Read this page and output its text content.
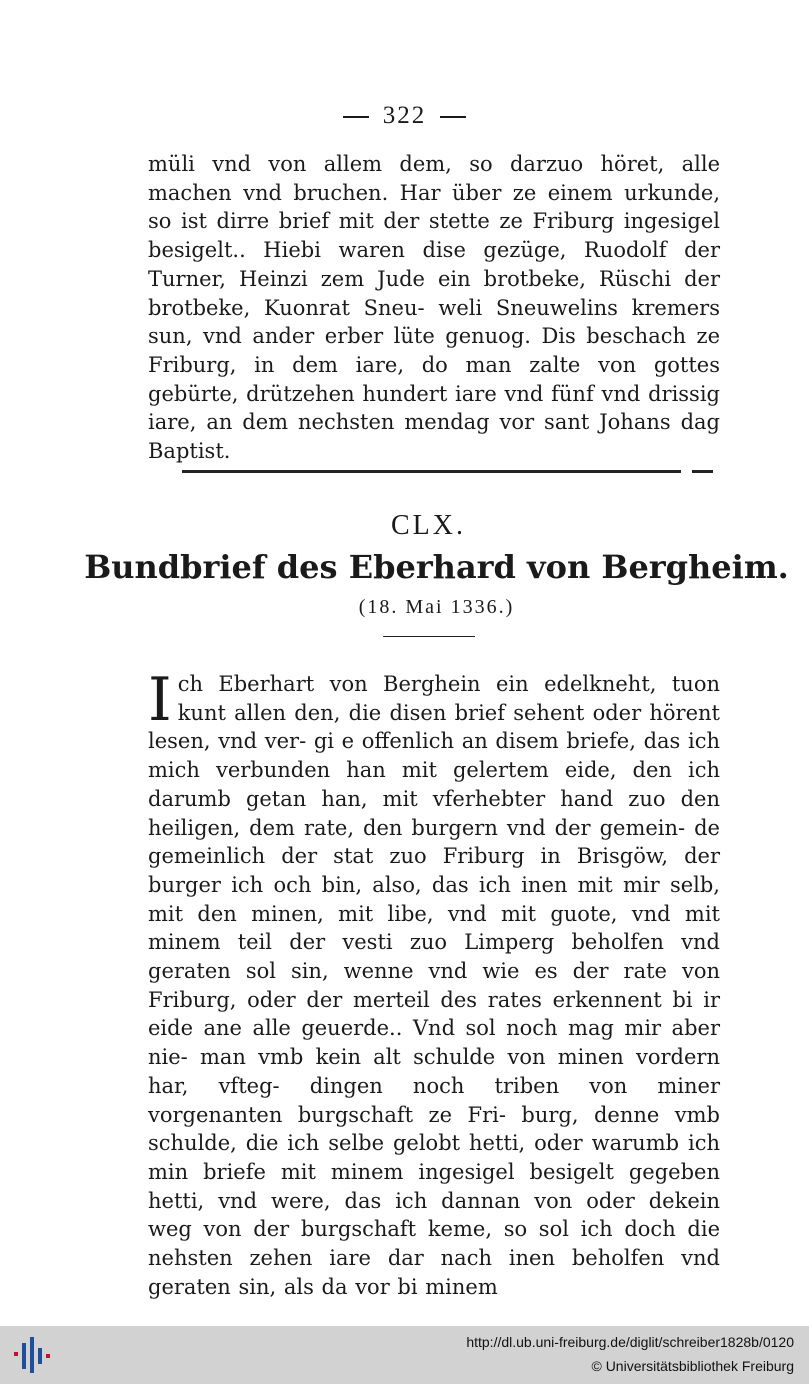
322

müli vnd von allem dem, so darzuo höret, alle machen vnd bruchen. Har über ze einem urkunde, so ist dirre brief mit der stette ze Friburg ingesigel besigelt.. Hiebi waren dise gezüge, Ruodolf der Turner, Heinzi zem Jude ein brotbeke, Rüschi der brotbeke, Kuonrat Sneu- weli Sneuwelins kremers sun, vnd ander erber lüte genuog. Dis beschach ze Friburg, in dem iare, do man zalte von gottes gebürte, drützehen hundert iare vnd fünf vnd drissig iare, an dem nechsten mendag vor sant Johans dag Baptist.

CLX.
Bundbrief des Eberhard von Bergheim.
(18. Mai 1336.)

Ich Eberhart von Berghein ein edelkneht, tuon kunt allen den, die disen brief sehent oder hörent lesen, vnd ver- gi e offenlich an disem briefe, das ich mich verbunden han mit gelertem eide, den ich darumb getan han, mit vferhebter hand zuo den heiligen, dem rate, den burgern vnd der gemein- de gemeinlich der stat zuo Friburg in Brisgöw, der burger ich och bin, also, das ich inen mit mir selb, mit den minen, mit libe, vnd mit guote, vnd mit minem teil der vesti zuo Limperg beholfen vnd geraten sol sin, wenne vnd wie es der rate von Friburg, oder der merteil des rates erkennent bi ir eide ane alle geuerde.. Vnd sol noch mag mir aber nie- man vmb kein alt schulde von minen vordern har, vfteg- dingen noch triben von miner vorgenanten burgschaft ze Fri- burg, denne vmb schulde, die ich selbe gelobt hetti, oder warumb ich min briefe mit minem ingesigel besigelt gegeben hetti, vnd were, das ich dannan von oder dekein weg von der burgschaft keme, so sol ich doch die nehsten zehen iare dar nach inen beholfen vnd geraten sin, als da vor bi minem

http://dl.ub.uni-freiburg.de/diglit/schreiber1828b/0120
© Universitätsbibliothek Freiburg
